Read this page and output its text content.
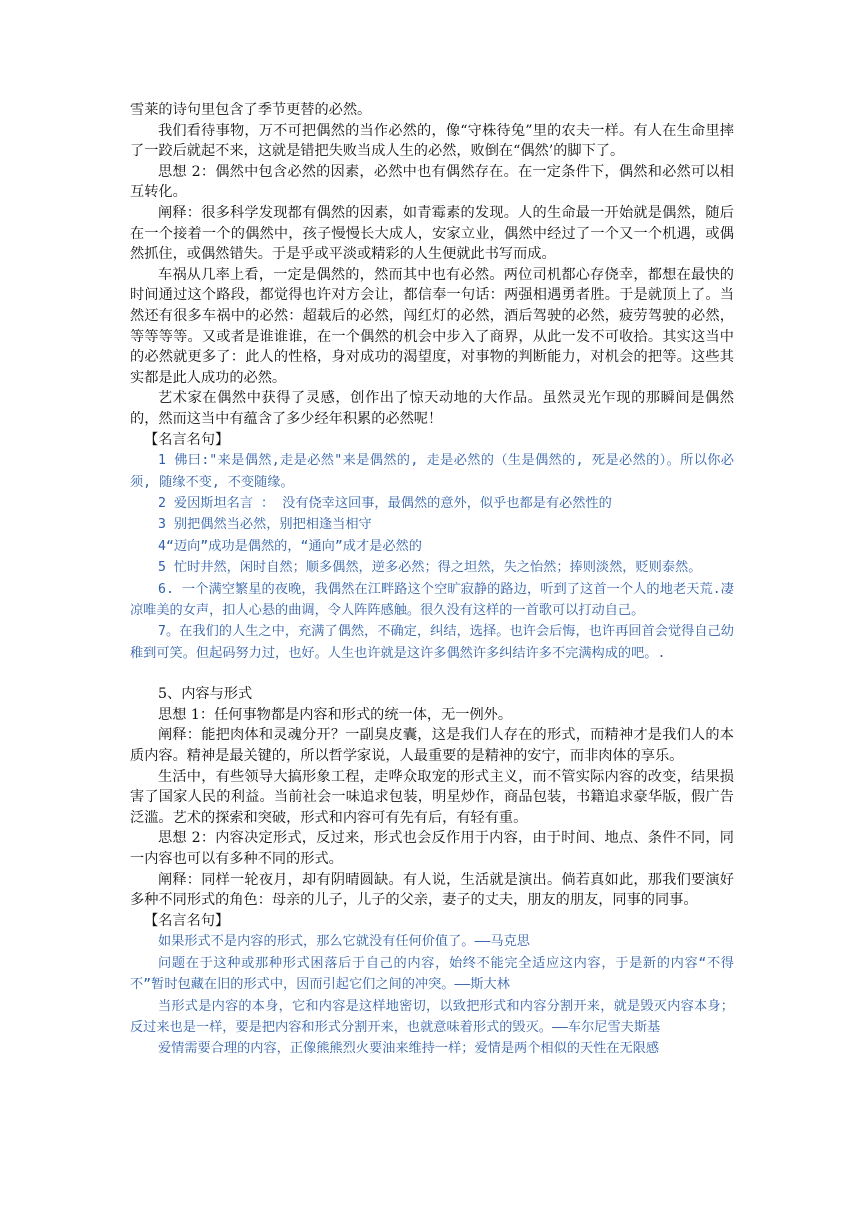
雪莱的诗句里包含了季节更替的必然。

我们看待事物，万不可把偶然的当作必然的，像“守株待兔”里的农夫一样。有人在生命里摔了一跤后就起不来，这就是错把失败当成人生的必然，败倒在“偶然’的脚下了。

思想 2：偶然中包含必然的因素，必然中也有偶然存在。在一定条件下，偶然和必然可以相互转化。

阐释：很多科学发现都有偶然的因素，如青霉素的发现。人的生命最一开始就是偶然，随后在一个接着一个的偶然中，孩子慢慢长大成人，安家立业，偶然中经过了一个又一个机遇，或偶然抓住，或偶然错失。于是乎或平淡或精彩的人生便就此书写而成。

车祸从几率上看，一定是偶然的，然而其中也有必然。两位司机都心存侥幸，都想在最快的时间通过这个路段，都觉得也许对方会让，都信奉一句话：两强相遇勇者胜。于是就顶上了。当然还有很多车祸中的必然：超载后的必然，闯红灯的必然，酒后驾驶的必然，疲劳驾驶的必然，等等等等。又或者是谁谁谁，在一个偶然的机会中步入了商界，从此一发不可收拾。其实这当中的必然就更多了：此人的性格，身对成功的渴望度，对事物的判断能力，对机会的把等。这些其实都是此人成功的必然。

艺术家在偶然中获得了灵感，创作出了惊天动地的大作品。虽然灵光乍现的那瞬间是偶然的，然而这当中有蕴含了多少经年积累的必然呢！

【名言名句】

1 佛曰:"来是偶然,走是必然"来是偶然的, 走是必然的（生是偶然的, 死是必然的）。所以你必须, 随缘不变, 不变随缘。

2 爱因斯坦名言 ： 没有侥幸这回事，最偶然的意外，似乎也都是有必然性的

3 别把偶然当必然，别把相逢当相守

4“迈向”成功是偶然的，“通向”成才是必然的

5 忙时井然，闲时自然；顺多偶然，逆多必然；得之坦然，失之怡然；捧则淡然，贬则泰然。

6. 一个满空繁星的夜晚，我偶然在江畔路这个空旷寂静的路边，听到了这首一个人的地老天荒.凄凉唯美的女声，扣人心悬的曲调，令人阵阵感触。很久没有这样的一首歌可以打动自己。

7。在我们的人生之中，充满了偶然，不确定，纠结，选择。也许会后悔，也许再回首会觉得自己幼稚到可笑。但起码努力过，也好。人生也许就是这许多偶然许多纠结许多不完满构成的吧。.

5、内容与形式

思想 1：任何事物都是内容和形式的统一体，无一例外。

阐释：能把肉体和灵魂分开？一副臭皮囊，这是我们人存在的形式，而精神才是我们人的本质内容。精神是最关键的，所以哲学家说，人最重要的是精神的安宁，而非肉体的享乐。

生活中，有些领导大搞形象工程，走哗众取宠的形式主义，而不管实际内容的改变，结果损害了国家人民的利益。当前社会一味追求包装，明星炒作，商品包装，书籍追求豪华版，假广告泛滥。艺术的探索和突破，形式和内容可有先有后，有轻有重。

思想 2：内容决定形式，反过来，形式也会反作用于内容，由于时间、地点、条件不同，同一内容也可以有多种不同的形式。

阐释：同样一轮夜月，却有阴晴圆缺。有人说，生活就是演出。倘若真如此，那我们要演好多种不同形式的角色：母亲的儿子，儿子的父亲，妻子的丈夫，朋友的朋友，同事的同事。

【名言名句】

如果形式不是内容的形式，那么它就没有任何价值了。——马克思

问题在于这种或那种形式困落后于自己的内容，始终不能完全适应这内容，于是新的内容“不得不”暂时包藏在旧的形式中，因而引起它们之间的冲突。——斯大林

当形式是内容的本身，它和内容是这样地密切，以致把形式和内容分割开来，就是毁灭内容本身；反过来也是一样，要是把内容和形式分割开来，也就意味着形式的毁灭。——车尔尼雪夫斯基

爱情需要合理的内容，正像熊熊烈火要油来维持一样；爱情是两个相似的天性在无限感
